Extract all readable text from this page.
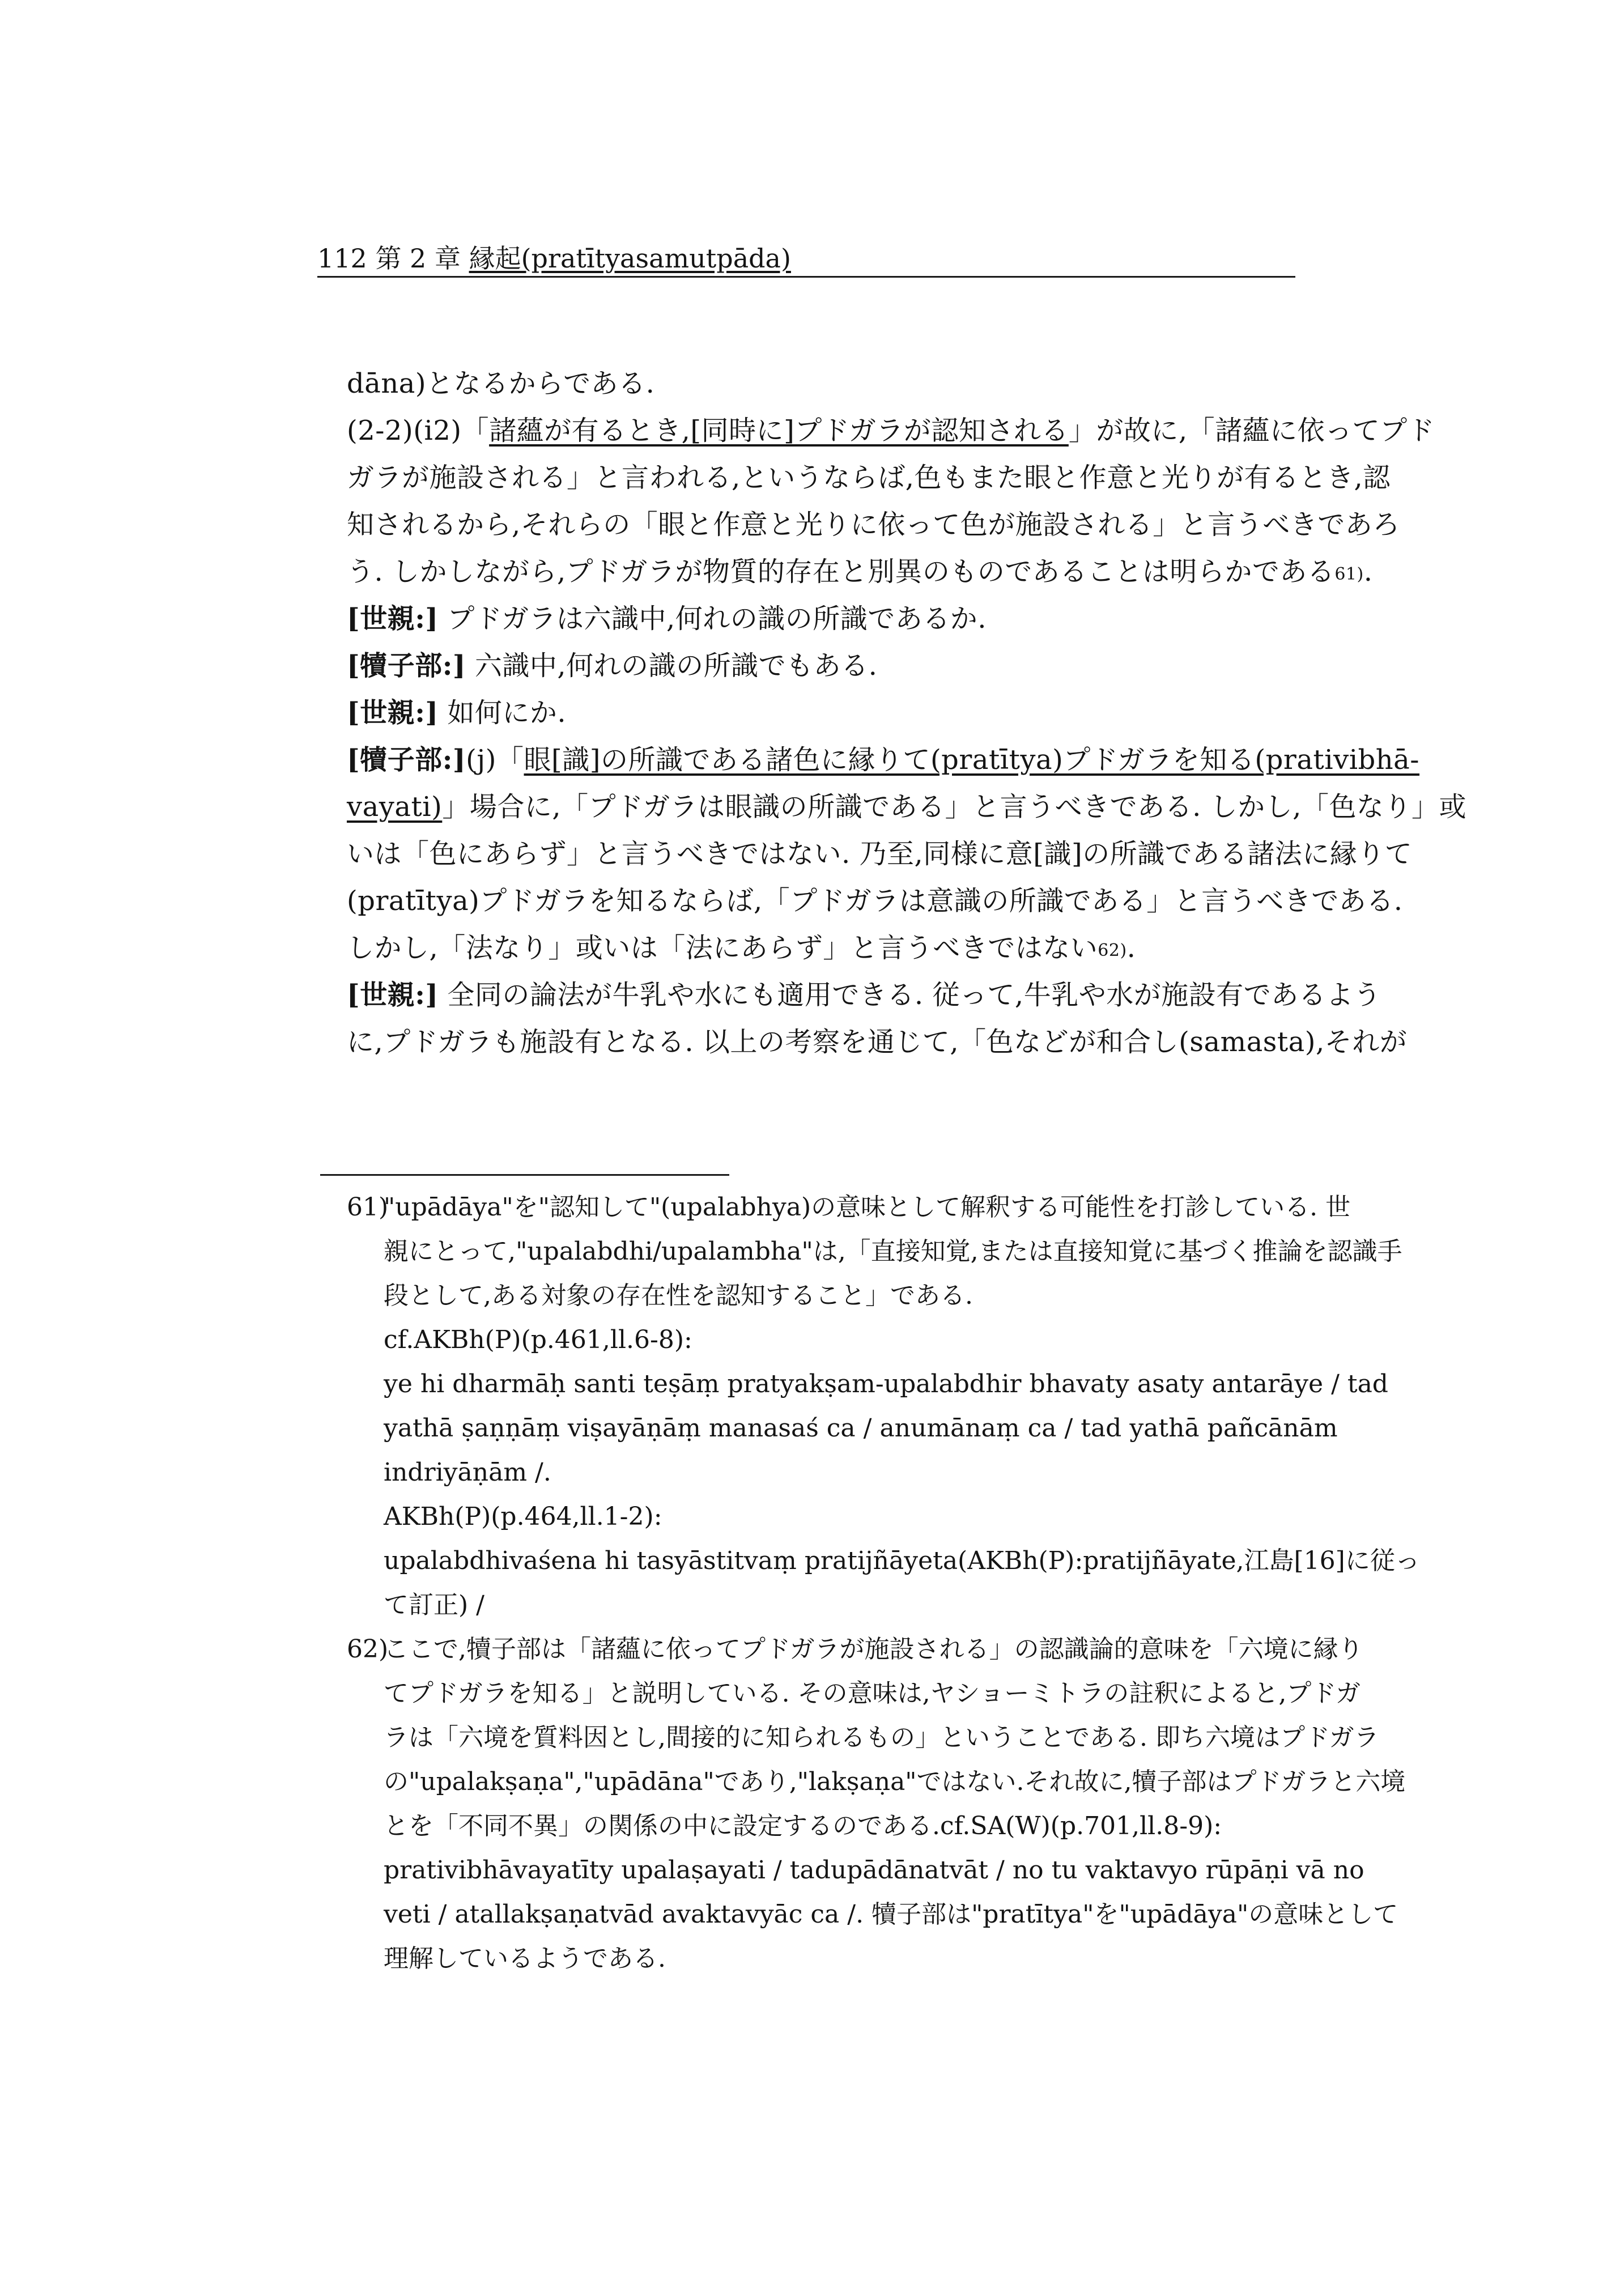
112 第 2 章 縁起(pratītyasamutpāda)
dāna)となるからである.
(2-2)(i2)「諸蘊が有るとき,[同時に]プドガラが認知される」が故に,「諸蘊に依ってプド
ガラが施設される」と言われる,というならば,色もまた眼と作意と光りが有るとき,認
知されるから,それらの「眼と作意と光りに依って色が施設される」と言うべきであろ
う. しかしながら,プドガラが物質的存在と別異のものであることは明らかである$^{61)}$.
[世親:] プドガラは六識中,何れの識の所識であるか.
[犢子部:] 六識中,何れの識の所識でもある.
[世親:] 如何にか.
[犢子部:](j)「眼[識]の所識である諸色に縁りて(pratītya)プドガラを知る(prativibhā-
vayati)」場合に,「プドガラは眼識の所識である」と言うべきである. しかし,「色なり」或
いは「色にあらず」と言うべきではない. 乃至,同様に意[識]の所識である諸法に縁りて
(pratītya)プドガラを知るならば,「プドガラは意識の所識である」と言うべきである.
しかし,「法なり」或いは「法にあらず」と言うべきではない$^{62)}$.
[世親:] 全同の論法が牛乳や水にも適用できる. 従って,牛乳や水が施設有であるよう
に,プドガラも施設有となる. 以上の考察を通じて,「色などが和合し(samasta),それが
61)"upādāya"を"認知して"(upalabhya)の意味として解釈する可能性を打診している. 世
親にとって,"upalabdhi/upalambha"は,「直接知覚,または直接知覚に基づく推論を認識手
段として,ある対象の存在性を認知すること」である.
cf.AKBh(P)(p.461,ll.6-8):
ye hi dharmāḥ santi teṣāṃ pratyakṣam-upalabdhir bhavaty asaty antarāye / tad
yathā ṣaṇṇāṃ viṣayāṇāṃ manasaś ca / anumānaṃ ca / tad yathā pañcānām
indriyāṇām /.
AKBh(P)(p.464,ll.1-2):
upalabdhivaśena hi tasyāstitvaṃ pratijñāyeta(AKBh(P):pratijñāyate,江島[16]に従っ
て訂正) /
62)ここで,犢子部は「諸蘊に依ってプドガラが施設される」の認識論的意味を「六境に縁り
てプドガラを知る」と説明している. その意味は,ヤショーミトラの註釈によると,プドガ
ラは「六境を質料因とし,間接的に知られるもの」ということである. 即ち六境はプドガラ
の"upalakṣaṇa","upādāna"であり,"lakṣaṇa"ではない.それ故に,犢子部はプドガラと六境
とを「不同不異」の関係の中に設定するのである.cf.SA(W)(p.701,ll.8-9):
prativibhāvayatīty upalaṣayati / tadupādānatvāt / no tu vaktavyo rūpāṇi vā no
veti / atallakṣaṇatvād avaktavyāc ca /. 犢子部は"pratītya"を"upādāya"の意味として
理解しているようである.
